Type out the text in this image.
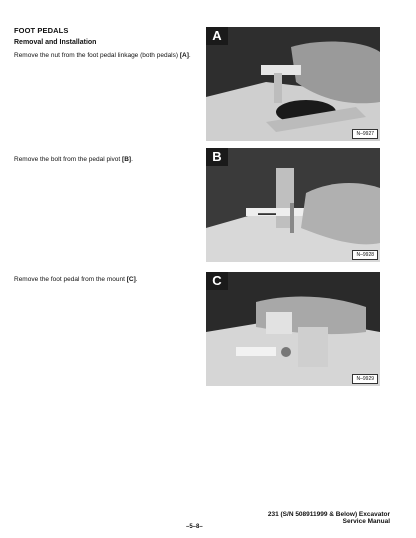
FOOT PEDALS
Removal and Installation
Remove the nut from the foot pedal linkage (both pedals) [A].
Remove the bolt from the pedal pivot [B].
Remove the foot pedal from the mount [C].
A
N–9927
▬▬▬
B
N–9928
C
N–9929
–5–8–
231 (S/N 508911999 & Below) Excavator
Service Manual
